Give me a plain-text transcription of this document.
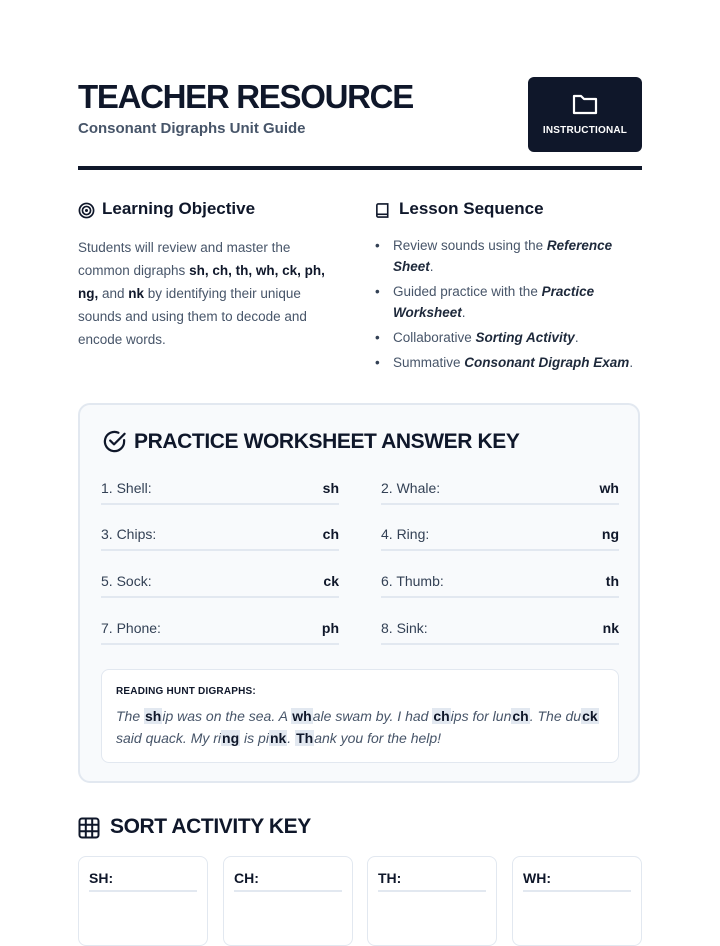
TEACHER RESOURCE
Consonant Digraphs Unit Guide	INSTRUCTIONAL
Learning Objective
Students will review and master the common digraphs sh, ch, th, wh, ck, ph, ng, and nk by identifying their unique sounds and using them to decode and encode words.
Lesson Sequence
• Review sounds using the Reference Sheet.
• Guided practice with the Practice Worksheet.
• Collaborative Sorting Activity.
• Summative Consonant Digraph Exam.
PRACTICE WORKSHEET ANSWER KEY
1. Shell:	sh	2. Whale:	wh
3. Chips:	ch	4. Ring:	ng
5. Sock:	ck	6. Thumb:	th
7. Phone:	ph	8. Sink:	nk
READING HUNT DIGRAPHS:
The ship was on the sea. A whale swam by. I had chips for lunch. The duck said quack. My ring is pink. Thank you for the help!
SORT ACTIVITY KEY
SH:	CH:	TH:	WH:
